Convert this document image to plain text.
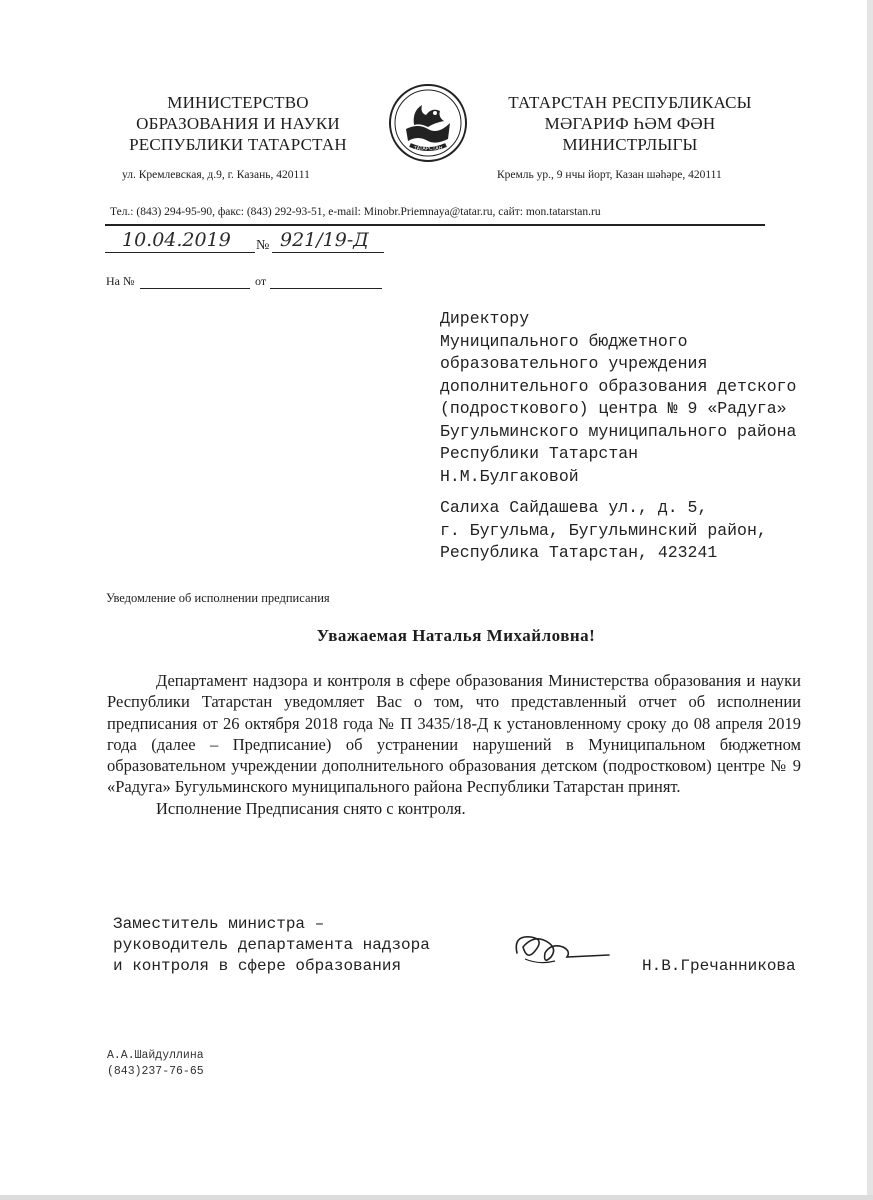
МИНИСТЕРСТВО
ОБРАЗОВАНИЯ И НАУКИ
РЕСПУБЛИКИ ТАТАРСТАН	ТАТАРСТАН
ТАТАРСТАН РЕСПУБЛИКАСЫ
МӘГАРИФ ҺӘМ ФӘН
МИНИСТРЛЫГЫ
ул. Кремлевская, д.9, г. Казань, 420111	Кремль ур., 9 нчы йорт, Казан шәһәре, 420111
Тел.: (843) 294-95-90, факс: (843) 292-93-51, e-mail: Minobr.Priemnaya@tatar.ru, сайт: mon.tatarstan.ru
10.04.2019 № 921/19-Д
На №	от
Директору
Муниципального бюджетного
образовательного учреждения
дополнительного образования детского
(подросткового) центра № 9 «Радуга»
Бугульминского муниципального района
Республики Татарстан
Н.М.Булгаковой
Салиха Сайдашева ул., д. 5,
г. Бугульма, Бугульминский район,
Республика Татарстан, 423241
Уведомление об исполнении предписания
Уважаемая Наталья Михайловна!

Департамент надзора и контроля в сфере образования Министерства образования и науки Республики Татарстан уведомляет Вас о том, что представленный отчет об исполнении предписания от 26 октября 2018 года № П 3435/18-Д к установленному сроку до 08 апреля 2019 года (далее – Предписание) об устранении нарушений в Муниципальном бюджетном образовательном учреждении дополнительного образования детском (подростковом) центре № 9 «Радуга» Бугульминского муниципального района Республики Татарстан принят.

Исполнение Предписания снято с контроля.

Заместитель министра –
руководитель департамента надзора
и контроля в сфере образования	Н.В.Гречанникова
А.А.Шайдуллина
(843)237-76-65
